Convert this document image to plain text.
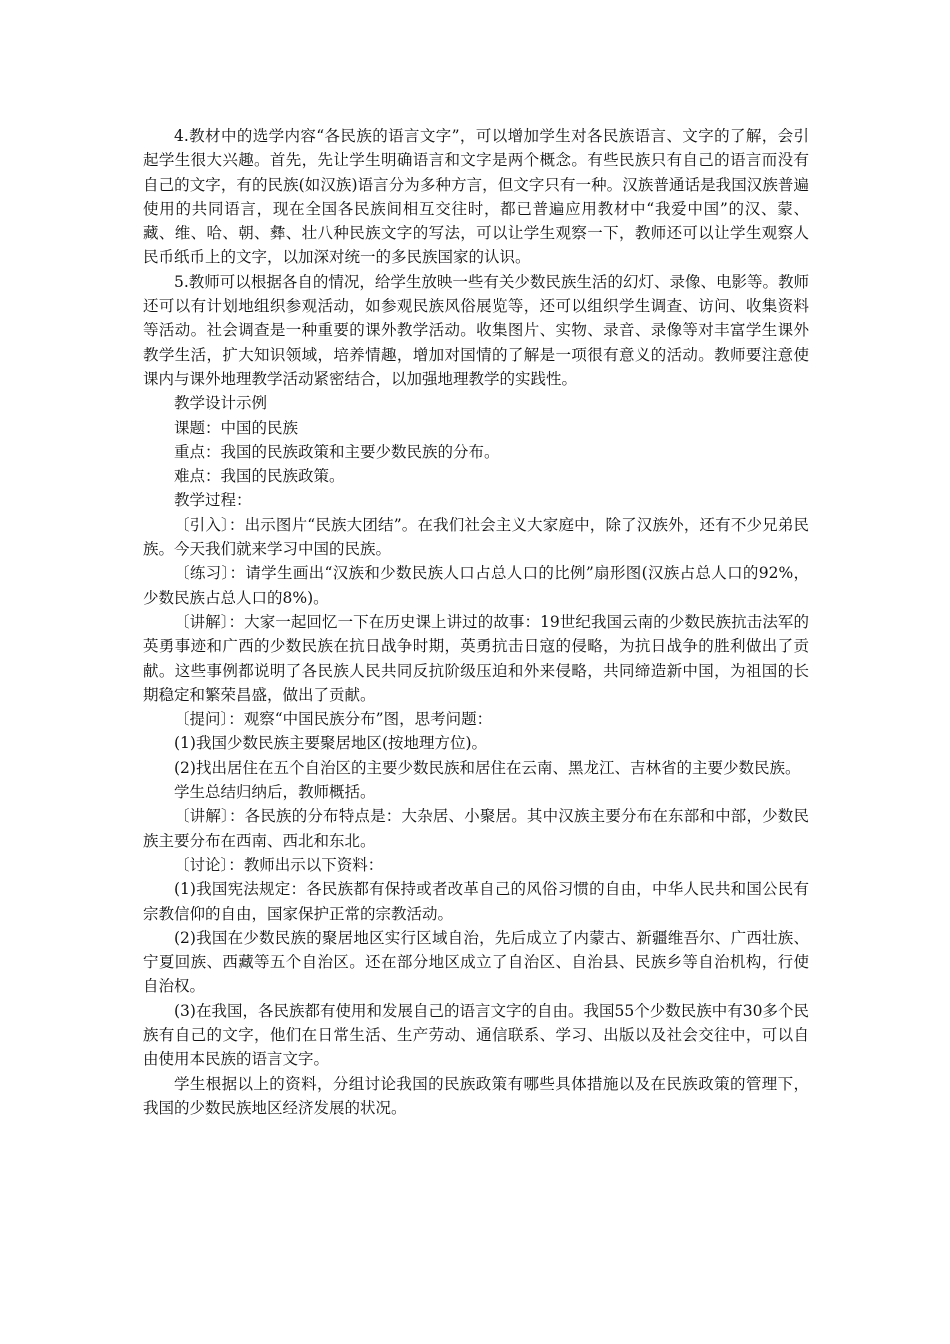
4.教材中的选学内容“各民族的语言文字”，可以增加学生对各民族语言、文字的了解，会引起学生很大兴趣。首先，先让学生明确语言和文字是两个概念。有些民族只有自己的语言而没有自己的文字，有的民族(如汉族)语言分为多种方言，但文字只有一种。汉族普通话是我国汉族普遍使用的共同语言，现在全国各民族间相互交往时，都已普遍应用教材中“我爱中国”的汉、蒙、藏、维、哈、朝、彝、壮八种民族文字的写法，可以让学生观察一下，教师还可以让学生观察人民币纸币上的文字，以加深对统一的多民族国家的认识。

5.教师可以根据各自的情况，给学生放映一些有关少数民族生活的幻灯、录像、电影等。教师还可以有计划地组织参观活动，如参观民族风俗展览等，还可以组织学生调查、访问、收集资料等活动。社会调查是一种重要的课外教学活动。收集图片、实物、录音、录像等对丰富学生课外教学生活，扩大知识领域，培养情趣，增加对国情的了解是一项很有意义的活动。教师要注意使课内与课外地理教学活动紧密结合，以加强地理教学的实践性。

教学设计示例

课题：中国的民族

重点：我国的民族政策和主要少数民族的分布。

难点：我国的民族政策。

教学过程：

〔引入〕：出示图片“民族大团结”。在我们社会主义大家庭中，除了汉族外，还有不少兄弟民族。今天我们就来学习中国的民族。

〔练习〕：请学生画出“汉族和少数民族人口占总人口的比例”扇形图(汉族占总人口的92%，少数民族占总人口的8%)。

〔讲解〕：大家一起回忆一下在历史课上讲过的故事：19世纪我国云南的少数民族抗击法军的英勇事迹和广西的少数民族在抗日战争时期，英勇抗击日寇的侵略，为抗日战争的胜利做出了贡献。这些事例都说明了各民族人民共同反抗阶级压迫和外来侵略，共同缔造新中国，为祖国的长期稳定和繁荣昌盛，做出了贡献。

〔提问〕：观察“中国民族分布”图，思考问题：

(1)我国少数民族主要聚居地区(按地理方位)。

(2)找出居住在五个自治区的主要少数民族和居住在云南、黑龙江、吉林省的主要少数民族。

学生总结归纳后，教师概括。

〔讲解〕：各民族的分布特点是：大杂居、小聚居。其中汉族主要分布在东部和中部，少数民族主要分布在西南、西北和东北。

〔讨论〕：教师出示以下资料：

(1)我国宪法规定：各民族都有保持或者改革自己的风俗习惯的自由，中华人民共和国公民有宗教信仰的自由，国家保护正常的宗教活动。

(2)我国在少数民族的聚居地区实行区域自治，先后成立了内蒙古、新疆维吾尔、广西壮族、宁夏回族、西藏等五个自治区。还在部分地区成立了自治区、自治县、民族乡等自治机构，行使自治权。

(3)在我国，各民族都有使用和发展自己的语言文字的自由。我国55个少数民族中有30多个民族有自己的文字，他们在日常生活、生产劳动、通信联系、学习、出版以及社会交往中，可以自由使用本民族的语言文字。

学生根据以上的资料，分组讨论我国的民族政策有哪些具体措施以及在民族政策的管理下，我国的少数民族地区经济发展的状况。
